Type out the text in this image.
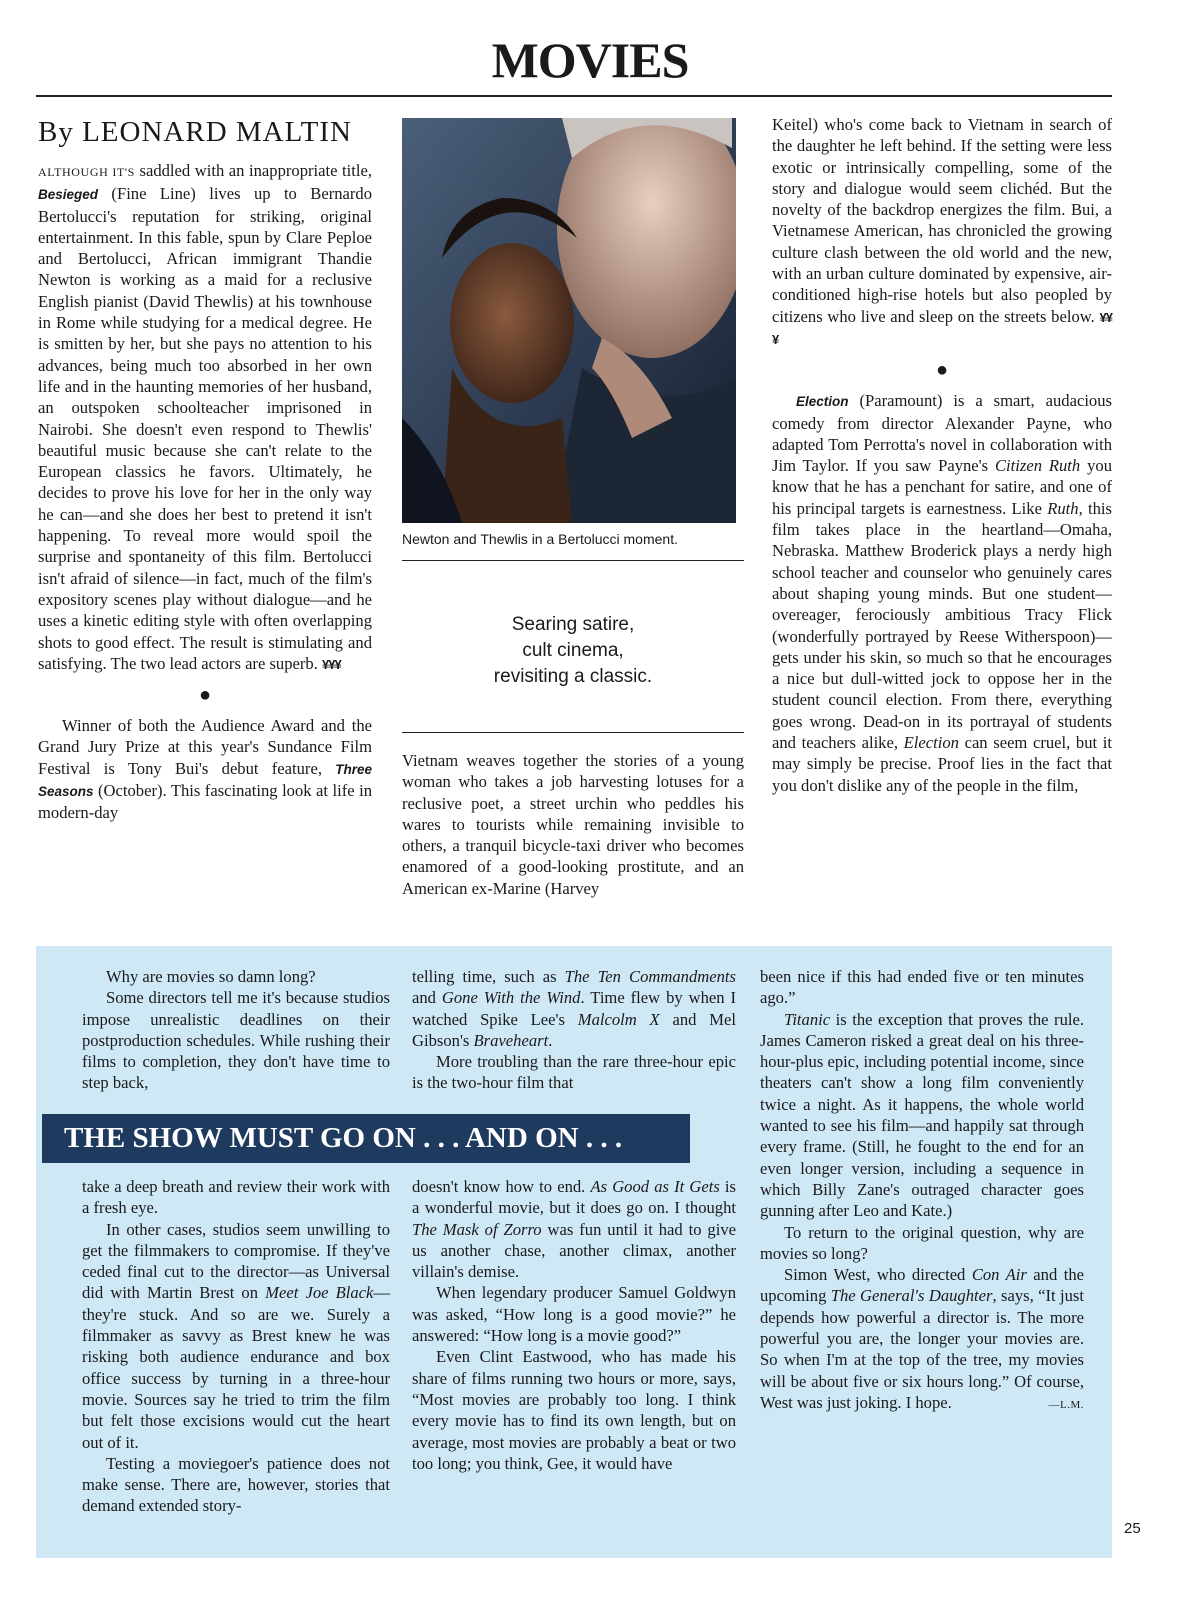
MOVIES
By LEONARD MALTIN

ALTHOUGH IT'S saddled with an inappropriate title, Besieged (Fine Line) lives up to Bernardo Bertolucci's reputation for striking, original entertainment. In this fable, spun by Clare Peploe and Bertolucci, African immigrant Thandie Newton is working as a maid for a reclusive English pianist (David Thewlis) at his townhouse in Rome while studying for a medical degree. He is smitten by her, but she pays no attention to his advances, being much too absorbed in her own life and in the haunting memories of her husband, an outspoken schoolteacher imprisoned in Nairobi. She doesn't even respond to Thewlis' beautiful music because she can't relate to the European classics he favors. Ultimately, he decides to prove his love for her in the only way he can—and she does her best to pretend it isn't happening. To reveal more would spoil the surprise and spontaneity of this film. Bertolucci isn't afraid of silence—in fact, much of the film's expository scenes play without dialogue—and he uses a kinetic editing style with often overlapping shots to good effect. The result is stimulating and satisfying. The two lead actors are superb. ¥¥¥

●

Winner of both the Audience Award and the Grand Jury Prize at this year's Sundance Film Festival is Tony Bui's debut feature, Three Seasons (October). This fascinating look at life in modern-day

Newton and Thewlis in a Bertolucci moment.
Searing satire,
cult cinema,
revisiting a classic.

Vietnam weaves together the stories of a young woman who takes a job harvesting lotuses for a reclusive poet, a street urchin who peddles his wares to tourists while remaining invisible to others, a tranquil bicycle-taxi driver who becomes enamored of a good-looking prostitute, and an American ex-Marine (Harvey

Keitel) who's come back to Vietnam in search of the daughter he left behind. If the setting were less exotic or intrinsically compelling, some of the story and dialogue would seem clichéd. But the novelty of the backdrop energizes the film. Bui, a Vietnamese American, has chronicled the growing culture clash between the old world and the new, with an urban culture dominated by expensive, air-conditioned high-rise hotels but also peopled by citizens who live and sleep on the streets below. ¥¥¥

●

Election (Paramount) is a smart, audacious comedy from director Alexander Payne, who adapted Tom Perrotta's novel in collaboration with Jim Taylor. If you saw Payne's Citizen Ruth you know that he has a penchant for satire, and one of his principal targets is earnestness. Like Ruth, this film takes place in the heartland—Omaha, Nebraska. Matthew Broderick plays a nerdy high school teacher and counselor who genuinely cares about shaping young minds. But one student—overeager, ferociously ambitious Tracy Flick (wonderfully portrayed by Reese Witherspoon)—gets under his skin, so much so that he encourages a nice but dull-witted jock to oppose her in the student council election. From there, everything goes wrong. Dead-on in its portrayal of students and teachers alike, Election can seem cruel, but it may simply be precise. Proof lies in the fact that you don't dislike any of the people in the film,

THE SHOW MUST GO ON . . . AND ON . . .

Why are movies so damn long?

Some directors tell me it's because studios impose unrealistic deadlines on their postproduction schedules. While rushing their films to completion, they don't have time to step back,

take a deep breath and review their work with a fresh eye.

In other cases, studios seem unwilling to get the filmmakers to compromise. If they've ceded final cut to the director—as Universal did with Martin Brest on Meet Joe Black—they're stuck. And so are we. Surely a filmmaker as savvy as Brest knew he was risking both audience endurance and box office success by turning in a three-hour movie. Sources say he tried to trim the film but felt those excisions would cut the heart out of it.

Testing a moviegoer's patience does not make sense. There are, however, stories that demand extended story-

telling time, such as The Ten Commandments and Gone With the Wind. Time flew by when I watched Spike Lee's Malcolm X and Mel Gibson's Braveheart.

More troubling than the rare three-hour epic is the two-hour film that

doesn't know how to end. As Good as It Gets is a wonderful movie, but it does go on. I thought The Mask of Zorro was fun until it had to give us another chase, another climax, another villain's demise.

When legendary producer Samuel Goldwyn was asked, “How long is a good movie?” he answered: “How long is a movie good?”

Even Clint Eastwood, who has made his share of films running two hours or more, says, “Most movies are probably too long. I think every movie has to find its own length, but on average, most movies are probably a beat or two too long; you think, Gee, it would have

been nice if this had ended five or ten minutes ago.”

Titanic is the exception that proves the rule. James Cameron risked a great deal on his three-hour-plus epic, including potential income, since theaters can't show a long film conveniently twice a night. As it happens, the whole world wanted to see his film—and happily sat through every frame. (Still, he fought to the end for an even longer version, including a sequence in which Billy Zane's outraged character goes gunning after Leo and Kate.)

To return to the original question, why are movies so long?

Simon West, who directed Con Air and the upcoming The General's Daughter, says, “It just depends how powerful a director is. The more powerful you are, the longer your movies are. So when I'm at the top of the tree, my movies will be about five or six hours long.” Of course, West was just joking. I hope.	—L.M.

25
